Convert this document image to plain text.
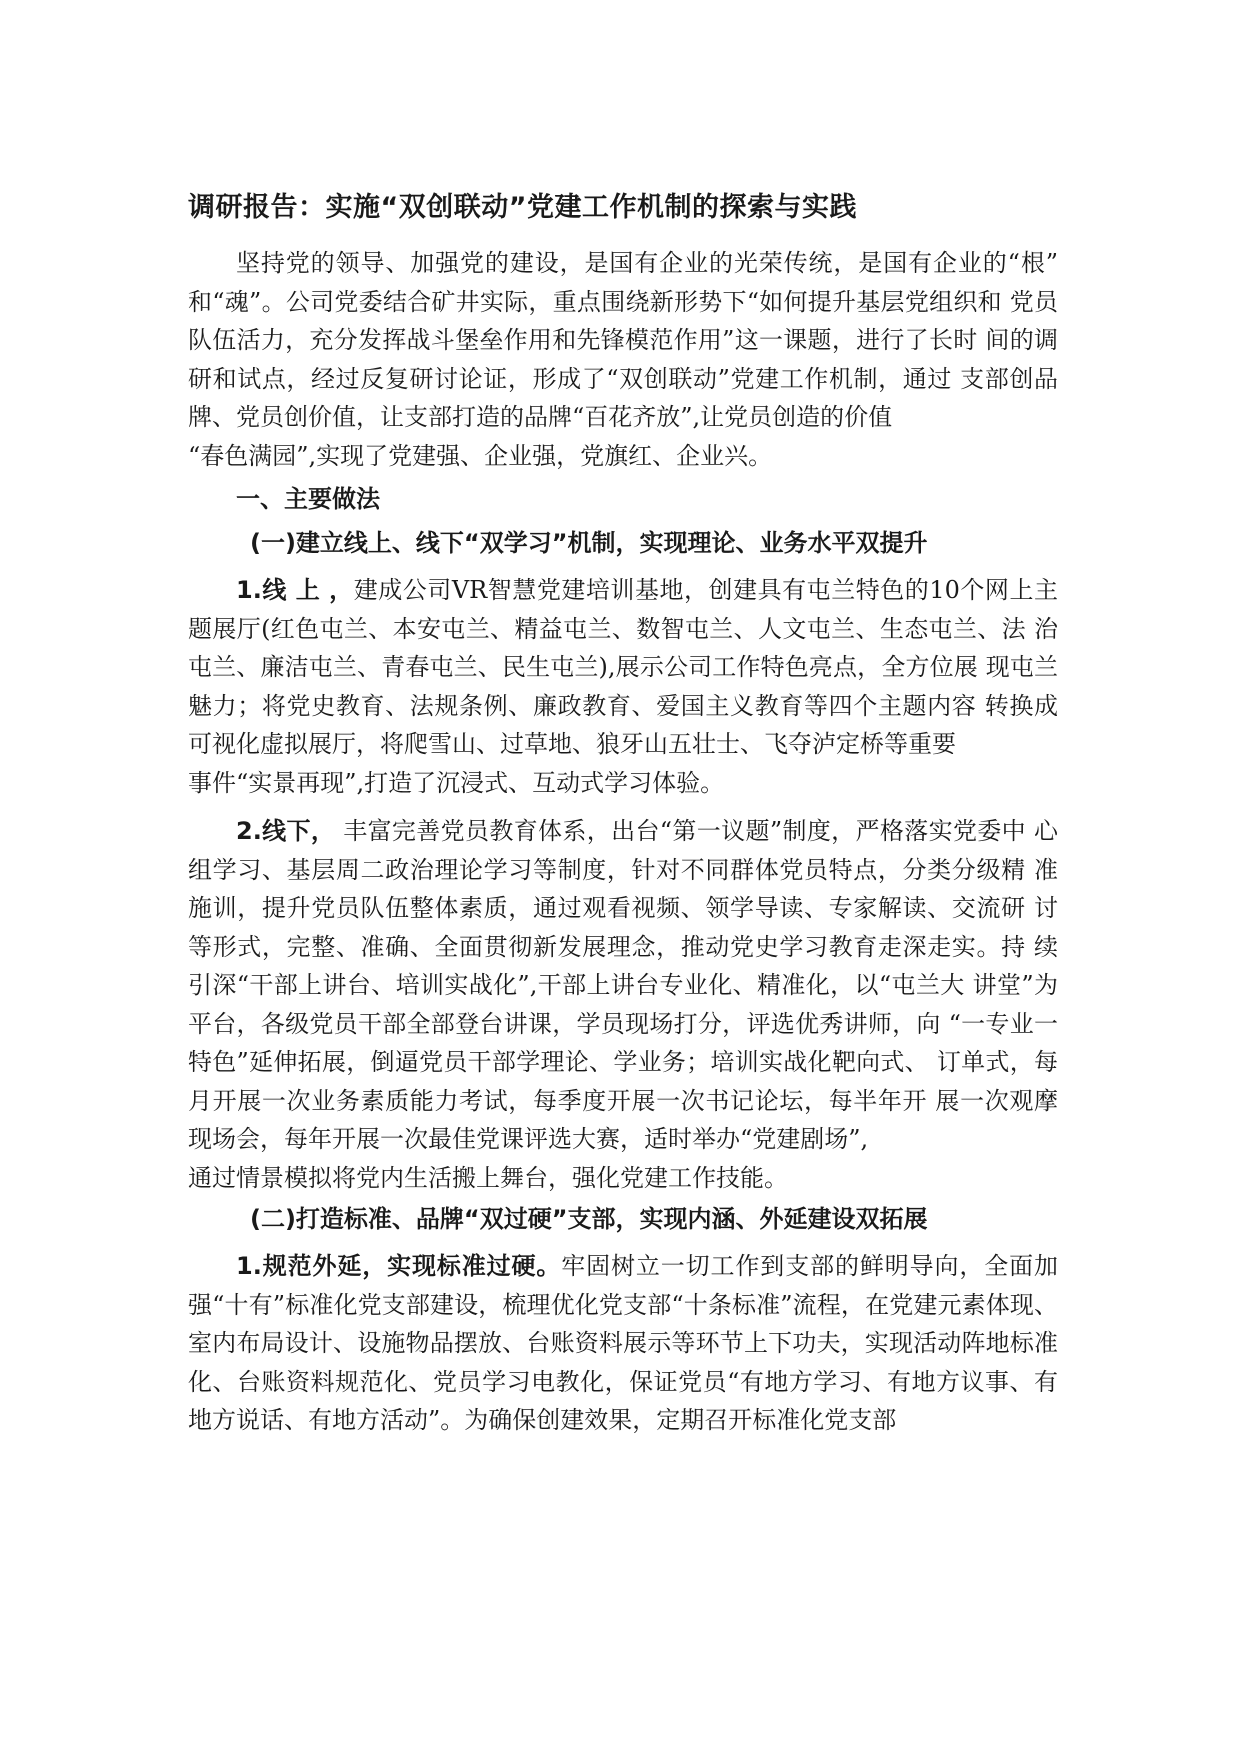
调研报告：实施“双创联动”党建工作机制的探索与实践

坚持党的领导、加强党的建设，是国有企业的光荣传统，是国有企业的“根” 和“魂”。公司党委结合矿井实际，重点围绕新形势下“如何提升基层党组织和 党员队伍活力，充分发挥战斗堡垒作用和先锋模范作用”这一课题，进行了长时 间的调研和试点，经过反复研讨论证，形成了“双创联动”党建工作机制，通过 支部创品牌、党员创价值，让支部打造的品牌“百花齐放”,让党员创造的价值

“春色满园”,实现了党建强、企业强，党旗红、企业兴。

一、主要做法
(一)建立线上、线下“双学习”机制，实现理论、业务水平双提升

1.线 上 ，建成公司VR智慧党建培训基地，创建具有屯兰特色的10个网上主 题展厅(红色屯兰、本安屯兰、精益屯兰、数智屯兰、人文屯兰、生态屯兰、法 治屯兰、廉洁屯兰、青春屯兰、民生屯兰),展示公司工作特色亮点，全方位展 现屯兰魅力；将党史教育、法规条例、廉政教育、爱国主义教育等四个主题内容 转换成可视化虚拟展厅，将爬雪山、过草地、狼牙山五壮士、飞夺泸定桥等重要

事件“实景再现”,打造了沉浸式、互动式学习体验。

2.线下， 丰富完善党员教育体系，出台“第一议题”制度，严格落实党委中 心组学习、基层周二政治理论学习等制度，针对不同群体党员特点，分类分级精 准施训，提升党员队伍整体素质，通过观看视频、领学导读、专家解读、交流研 讨等形式，完整、准确、全面贯彻新发展理念，推动党史学习教育走深走实。持 续引深“干部上讲台、培训实战化”,干部上讲台专业化、精准化，以“屯兰大 讲堂”为平台，各级党员干部全部登台讲课，学员现场打分，评选优秀讲师，向 “一专业一特色”延伸拓展，倒逼党员干部学理论、学业务；培训实战化靶向式、 订单式，每月开展一次业务素质能力考试，每季度开展一次书记论坛，每半年开 展一次观摩现场会，每年开展一次最佳党课评选大赛，适时举办“党建剧场”,

通过情景模拟将党内生活搬上舞台，强化党建工作技能。

(二)打造标准、品牌“双过硬”支部，实现内涵、外延建设双拓展

1.规范外延，实现标准过硬。牢固树立一切工作到支部的鲜明导向，全面加强“十有”标准化党支部建设，梳理优化党支部“十条标准”流程，在党建元素体现、室内布局设计、设施物品摆放、台账资料展示等环节上下功夫，实现活动阵地标准化、台账资料规范化、党员学习电教化，保证党员“有地方学习、有地方议事、有地方说话、有地方活动”。为确保创建效果，定期召开标准化党支部
